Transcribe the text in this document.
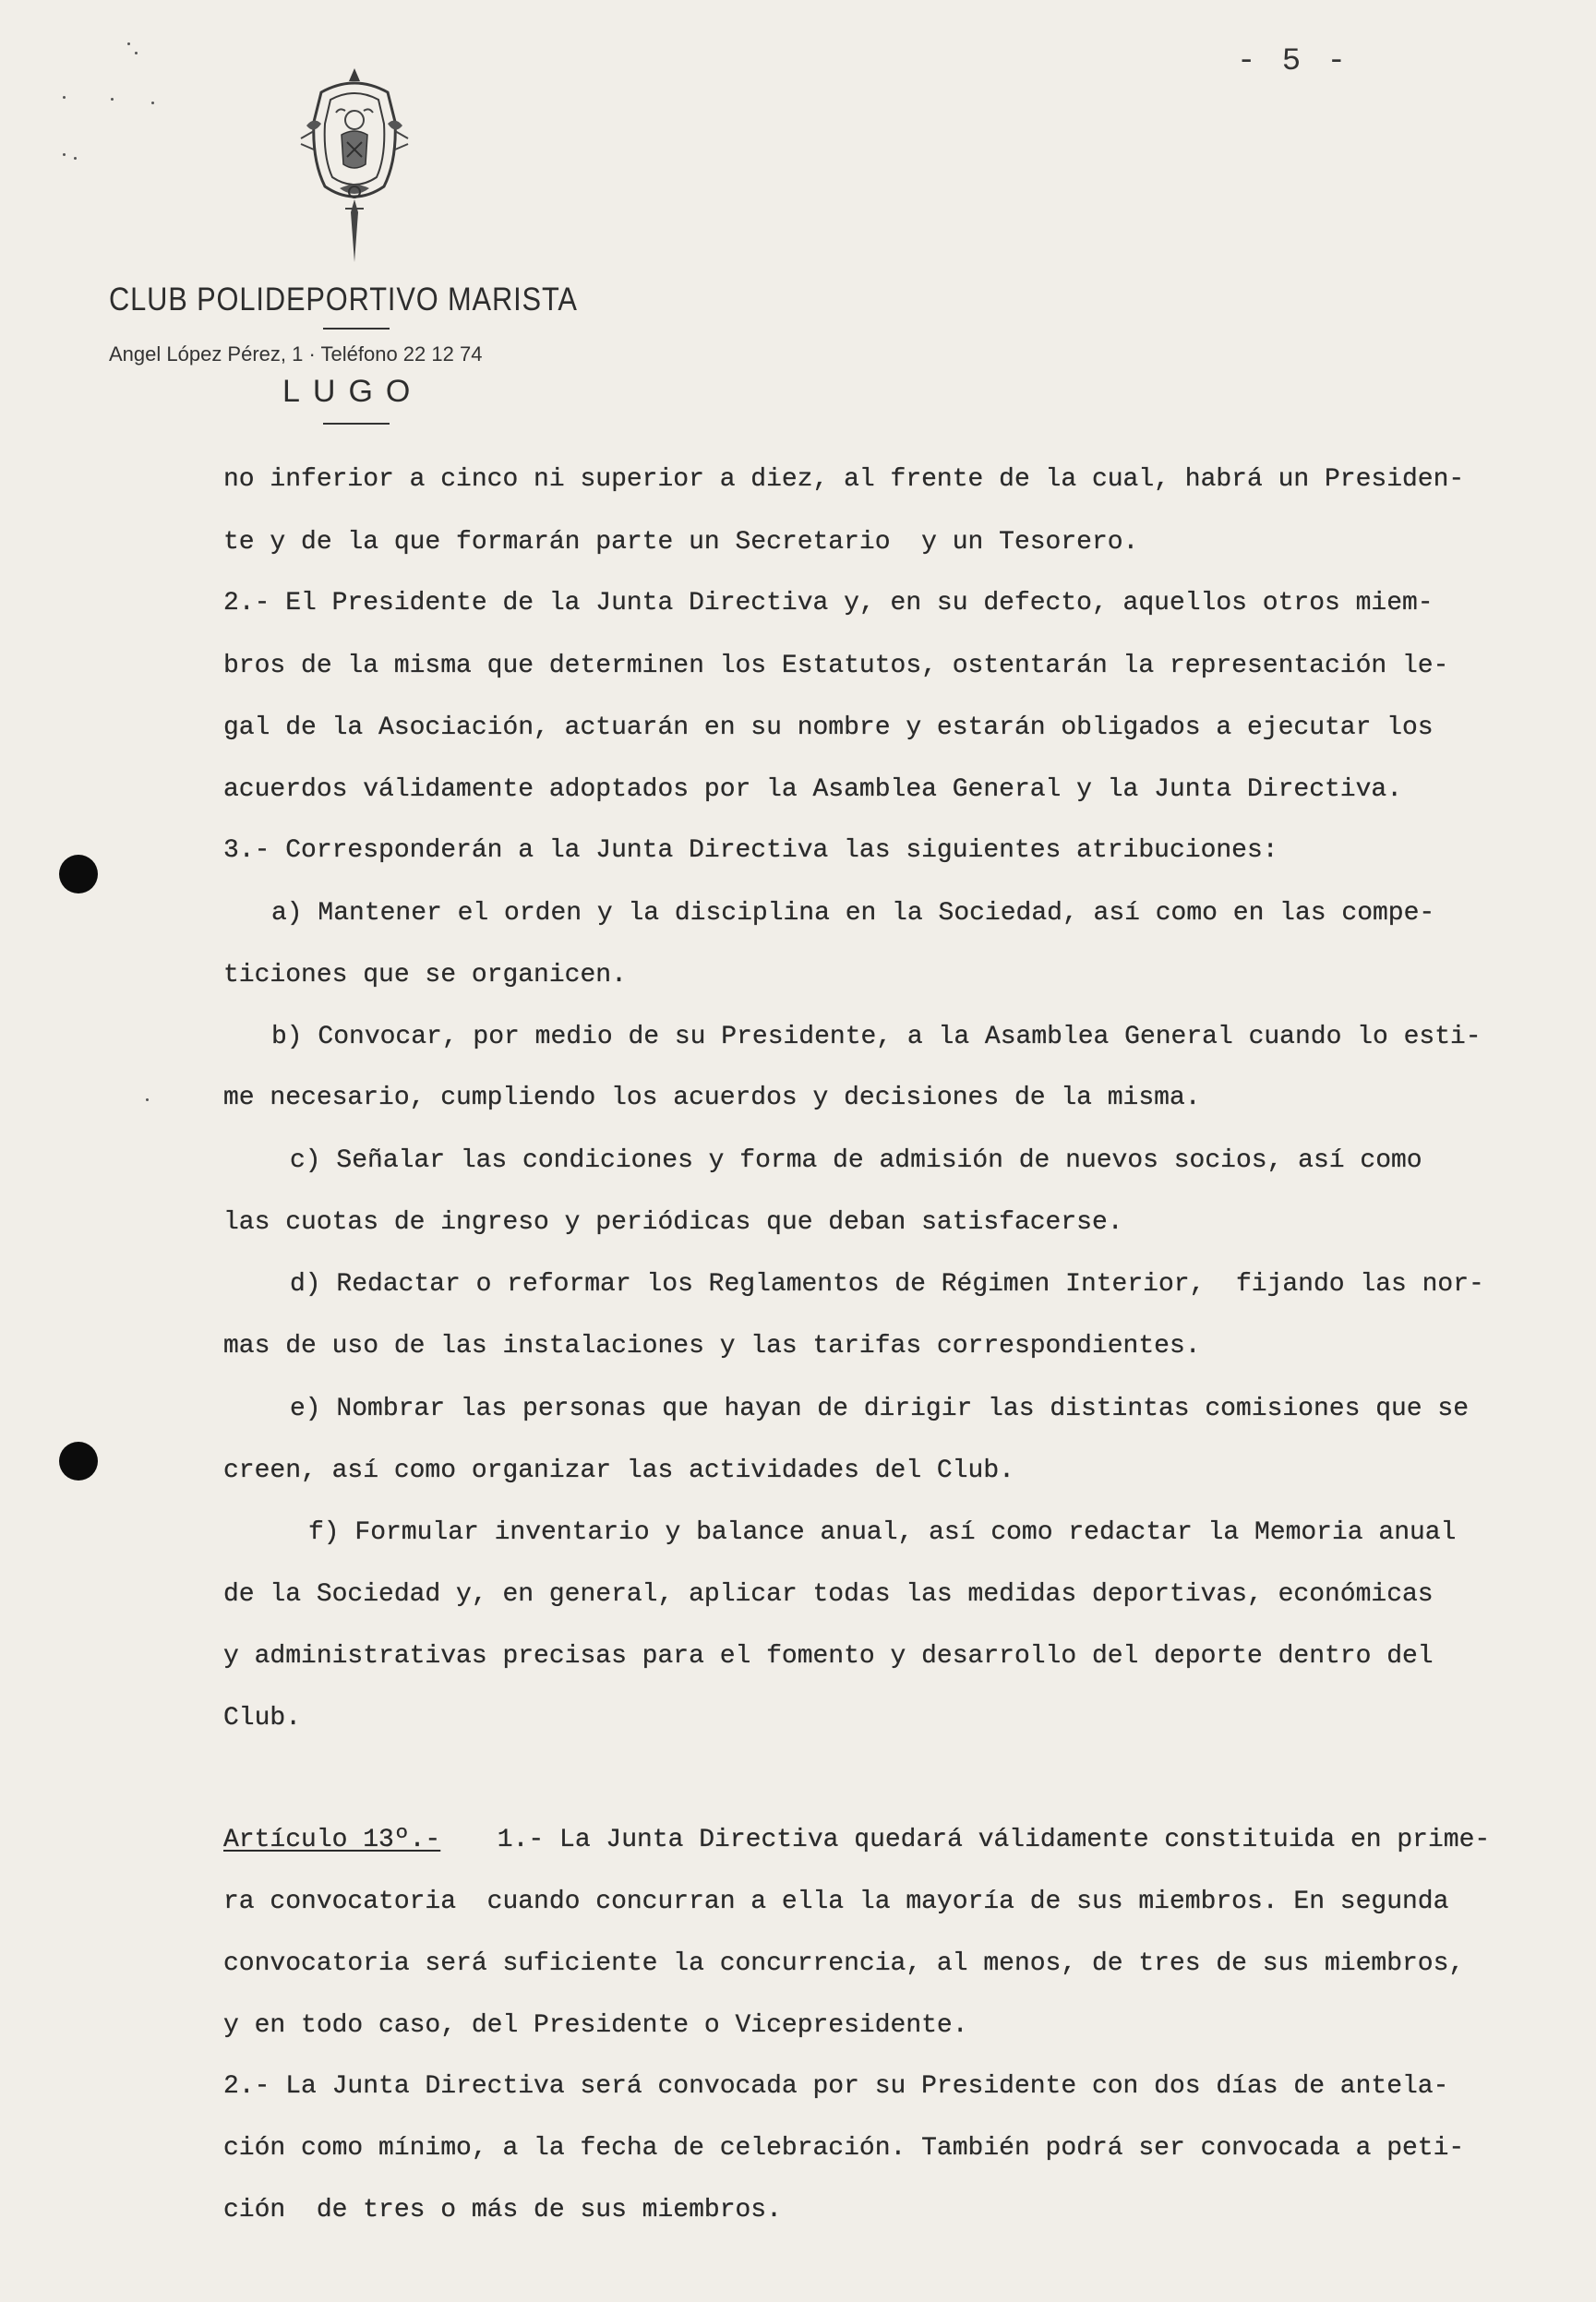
- 5 -
CLUB POLIDEPORTIVO MARISTA
Angel López Pérez, 1 · Teléfono 22 12 74
LUGO
no inferior a cinco ni superior a diez, al frente de la cual, habrá un Presiden-
te y de la que formarán parte un Secretario  y un Tesorero.
2.- El Presidente de la Junta Directiva y, en su defecto, aquellos otros miem-
bros de la misma que determinen los Estatutos, ostentarán la representación le-
gal de la Asociación, actuarán en su nombre y estarán obligados a ejecutar los
acuerdos válidamente adoptados por la Asamblea General y la Junta Directiva.
3.- Corresponderán a la Junta Directiva las siguientes atribuciones:
a) Mantener el orden y la disciplina en la Sociedad, así como en las compe-
ticiones que se organicen.
b) Convocar, por medio de su Presidente, a la Asamblea General cuando lo esti-
me necesario, cumpliendo los acuerdos y decisiones de la misma.
c) Señalar las condiciones y forma de admisión de nuevos socios, así como
las cuotas de ingreso y periódicas que deban satisfacerse.
d) Redactar o reformar los Reglamentos de Régimen Interior,  fijando las nor-
mas de uso de las instalaciones y las tarifas correspondientes.
e) Nombrar las personas que hayan de dirigir las distintas comisiones que se
creen, así como organizar las actividades del Club.
f) Formular inventario y balance anual, así como redactar la Memoria anual
de la Sociedad y, en general, aplicar todas las medidas deportivas, económicas
y administrativas precisas para el fomento y desarrollo del deporte dentro del
Club.
Artículo 13º.- 1.- La Junta Directiva quedará válidamente constituida en prime-
ra convocatoria  cuando concurran a ella la mayoría de sus miembros. En segunda
convocatoria será suficiente la concurrencia, al menos, de tres de sus miembros,
y en todo caso, del Presidente o Vicepresidente.
2.- La Junta Directiva será convocada por su Presidente con dos días de antela-
ción como mínimo, a la fecha de celebración. También podrá ser convocada a peti-
ción  de tres o más de sus miembros.
